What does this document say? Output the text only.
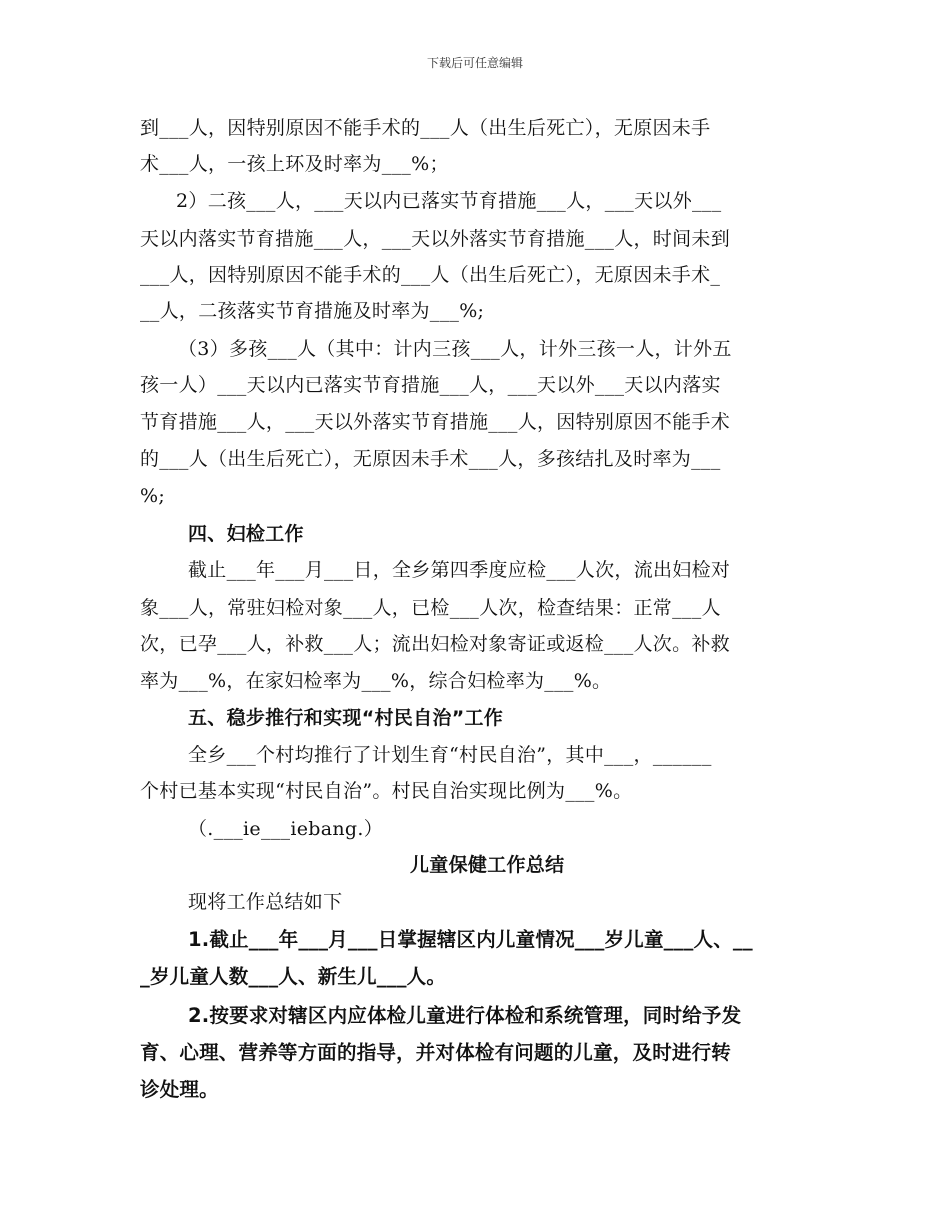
下载后可任意编辑
到___人，因特别原因不能手术的___人（出生后死亡），无原因未手
术___人，一孩上环及时率为___%；
2）二孩___人，___天以内已落实节育措施___人，___天以外___
天以内落实节育措施___人，___天以外落实节育措施___人，时间未到
___人，因特别原因不能手术的___人（出生后死亡），无原因未手术_
__人，二孩落实节育措施及时率为___%;
（3）多孩___人（其中：计内三孩___人，计外三孩一人，计外五
孩一人）___天以内已落实节育措施___人，___天以外___天以内落实
节育措施___人，___天以外落实节育措施___人，因特别原因不能手术
的___人（出生后死亡），无原因未手术___人，多孩结扎及时率为___
%;
四、妇检工作
截止___年___月___日，全乡第四季度应检___人次，流出妇检对
象___人，常驻妇检对象___人，已检___人次，检查结果：正常___人
次，已孕___人，补救___人；流出妇检对象寄证或返检___人次。补救
率为___%，在家妇检率为___%，综合妇检率为___%。
五、稳步推行和实现“村民自治”工作
全乡___个村均推行了计划生育“村民自治”，其中___，______
个村已基本实现“村民自治”。村民自治实现比例为___%。
（.___ie___iebang.）
儿童保健工作总结
现将工作总结如下
1.截止___年___月___日掌握辖区内儿童情况___岁儿童___人、__
_岁儿童人数___人、新生儿___人。
2.按要求对辖区内应体检儿童进行体检和系统管理，同时给予发
育、心理、营养等方面的指导，并对体检有问题的儿童，及时进行转
诊处理。
